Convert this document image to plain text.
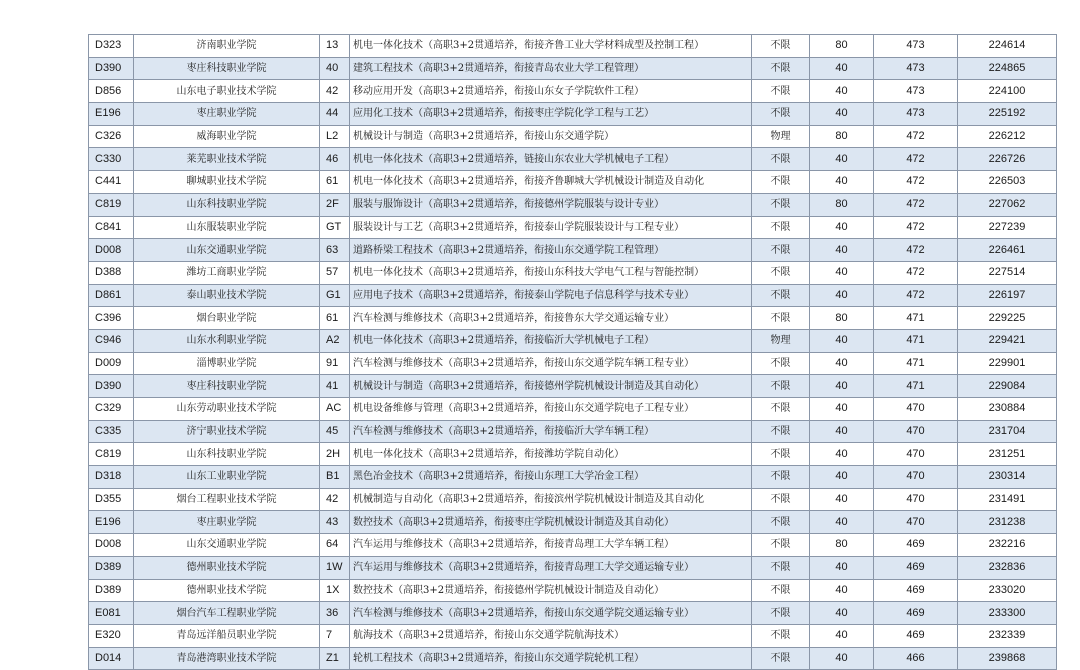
D323	济南职业学院	13	机电一体化技术（高职3+2贯通培养，衔接齐鲁工业大学材料成型及控制工程）	不限	80	473	224614
D390	枣庄科技职业学院	40	建筑工程技术（高职3+2贯通培养，衔接青岛农业大学工程管理）	不限	40	473	224865
D856	山东电子职业技术学院	42	移动应用开发（高职3+2贯通培养，衔接山东女子学院软件工程）	不限	40	473	224100
E196	枣庄职业学院	44	应用化工技术（高职3+2贯通培养，衔接枣庄学院化学工程与工艺）	不限	40	473	225192
C326	威海职业学院	L2	机械设计与制造（高职3+2贯通培养，衔接山东交通学院）	物理	80	472	226212
C330	莱芜职业技术学院	46	机电一体化技术（高职3+2贯通培养，链接山东农业大学机械电子工程）	不限	40	472	226726
C441	聊城职业技术学院	61	机电一体化技术（高职3+2贯通培养，衔接齐鲁聊城大学机械设计制造及自动化	不限	40	472	226503
C819	山东科技职业学院	2F	服装与服饰设计（高职3+2贯通培养，衔接德州学院服装与设计专业）	不限	80	472	227062
C841	山东服装职业学院	GT	服装设计与工艺（高职3+2贯通培养，衔接泰山学院服装设计与工程专业）	不限	40	472	227239
D008	山东交通职业学院	63	道路桥梁工程技术（高职3+2贯通培养，衔接山东交通学院工程管理）	不限	40	472	226461
D388	潍坊工商职业学院	57	机电一体化技术（高职3+2贯通培养，衔接山东科技大学电气工程与智能控制）	不限	40	472	227514
D861	泰山职业技术学院	G1	应用电子技术（高职3+2贯通培养，衔接泰山学院电子信息科学与技术专业）	不限	40	472	226197
C396	烟台职业学院	61	汽车检测与维修技术（高职3+2贯通培养，衔接鲁东大学交通运输专业）	不限	80	471	229225
C946	山东水利职业学院	A2	机电一体化技术（高职3+2贯通培养，衔接临沂大学机械电子工程）	物理	40	471	229421
D009	淄博职业学院	91	汽车检测与维修技术（高职3+2贯通培养，衔接山东交通学院车辆工程专业）	不限	40	471	229901
D390	枣庄科技职业学院	41	机械设计与制造（高职3+2贯通培养，衔接德州学院机械设计制造及其自动化）	不限	40	471	229084
C329	山东劳动职业技术学院	AC	机电设备维修与管理（高职3+2贯通培养，衔接山东交通学院电子工程专业）	不限	40	470	230884
C335	济宁职业技术学院	45	汽车检测与维修技术（高职3+2贯通培养，衔接临沂大学车辆工程）	不限	40	470	231704
C819	山东科技职业学院	2H	机电一体化技术（高职3+2贯通培养，衔接潍坊学院自动化）	不限	40	470	231251
D318	山东工业职业学院	B1	黑色冶金技术（高职3+2贯通培养，衔接山东理工大学冶金工程）	不限	40	470	230314
D355	烟台工程职业技术学院	42	机械制造与自动化（高职3+2贯通培养，衔接滨州学院机械设计制造及其自动化	不限	40	470	231491
E196	枣庄职业学院	43	数控技术（高职3+2贯通培养，衔接枣庄学院机械设计制造及其自动化）	不限	40	470	231238
D008	山东交通职业学院	64	汽车运用与维修技术（高职3+2贯通培养，衔接青岛理工大学车辆工程）	不限	80	469	232216
D389	德州职业技术学院	1W	汽车运用与维修技术（高职3+2贯通培养，衔接青岛理工大学交通运输专业）	不限	40	469	232836
D389	德州职业技术学院	1X	数控技术（高职3+2贯通培养，衔接德州学院机械设计制造及自动化）	不限	40	469	233020
E081	烟台汽车工程职业学院	36	汽车检测与维修技术（高职3+2贯通培养，衔接山东交通学院交通运输专业）	不限	40	469	233300
E320	青岛远洋船员职业学院	7	航海技术（高职3+2贯通培养，衔接山东交通学院航海技术）	不限	40	469	232339
D014	青岛港湾职业技术学院	Z1	轮机工程技术（高职3+2贯通培养，衔接山东交通学院轮机工程）	不限	40	466	239868
